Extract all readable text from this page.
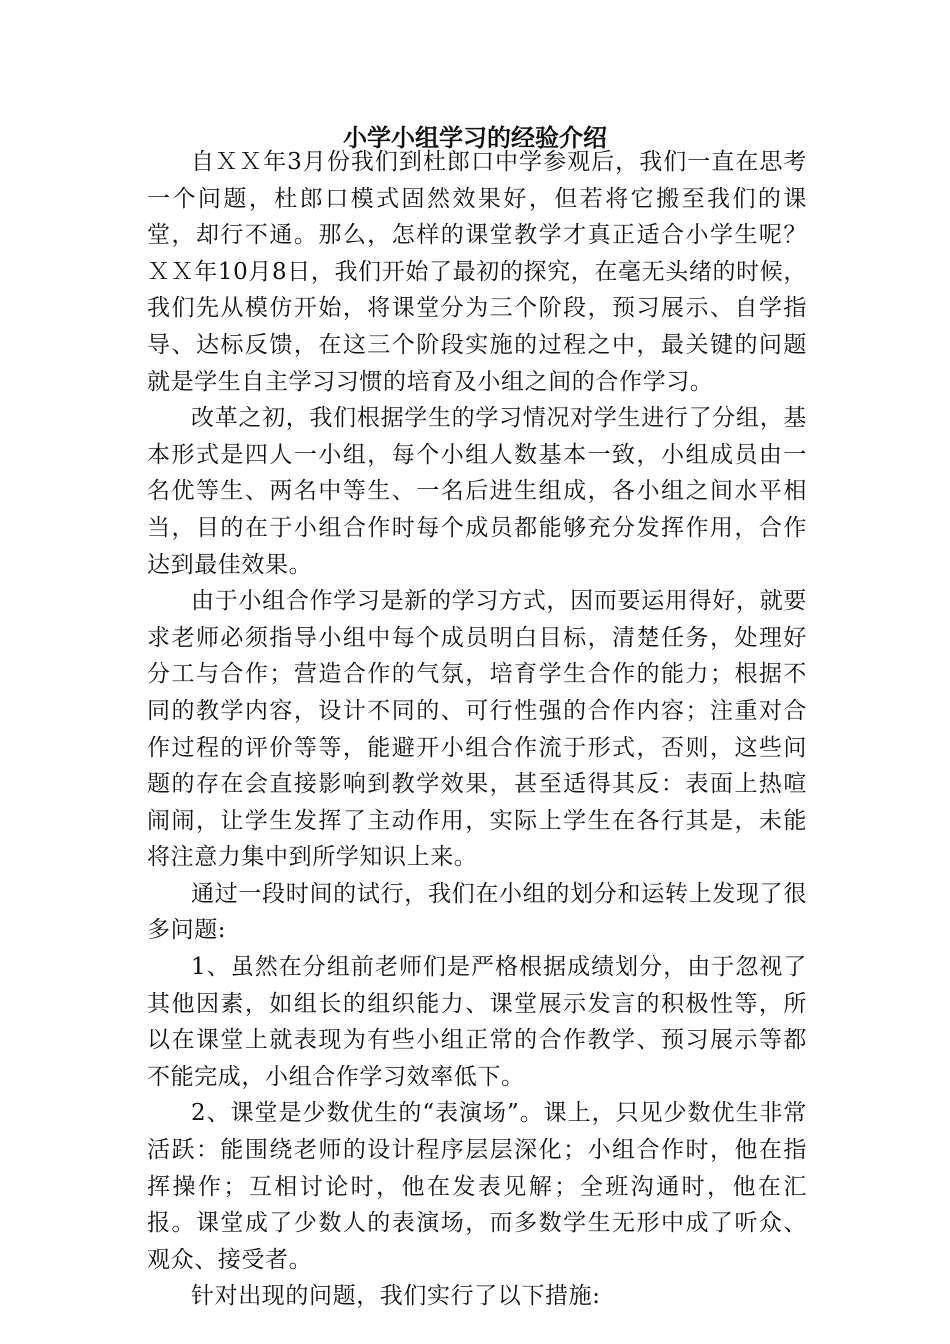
小学小组学习的经验介绍

自ＸＸ年3月份我们到杜郎口中学参观后，我们一直在思考一个问题，杜郎口模式固然效果好，但若将它搬至我们的课堂，却行不通。那么，怎样的课堂教学才真正适合小学生呢？ＸＸ年10月8日，我们开始了最初的探究，在毫无头绪的时候，我们先从模仿开始，将课堂分为三个阶段，预习展示、自学指导、达标反馈，在这三个阶段实施的过程之中，最关键的问题就是学生自主学习习惯的培育及小组之间的合作学习。

改革之初，我们根据学生的学习情况对学生进行了分组，基本形式是四人一小组，每个小组人数基本一致，小组成员由一名优等生、两名中等生、一名后进生组成，各小组之间水平相当，目的在于小组合作时每个成员都能够充分发挥作用，合作达到最佳效果。

由于小组合作学习是新的学习方式，因而要运用得好，就要求老师必须指导小组中每个成员明白目标，清楚任务，处理好分工与合作；营造合作的气氛，培育学生合作的能力；根据不同的教学内容，设计不同的、可行性强的合作内容；注重对合作过程的评价等等，能避开小组合作流于形式，否则，这些问题的存在会直接影响到教学效果，甚至适得其反：表面上热喧闹闹，让学生发挥了主动作用，实际上学生在各行其是，未能将注意力集中到所学知识上来。

通过一段时间的试行，我们在小组的划分和运转上发现了很多问题:

1、虽然在分组前老师们是严格根据成绩划分，由于忽视了其他因素，如组长的组织能力、课堂展示发言的积极性等，所以在课堂上就表现为有些小组正常的合作教学、预习展示等都不能完成，小组合作学习效率低下。

2、课堂是少数优生的“表演场”。课上，只见少数优生非常活跃：能围绕老师的设计程序层层深化；小组合作时，他在指挥操作；互相讨论时，他在发表见解；全班沟通时，他在汇报。课堂成了少数人的表演场，而多数学生无形中成了听众、观众、接受者。

针对出现的问题，我们实行了以下措施:
